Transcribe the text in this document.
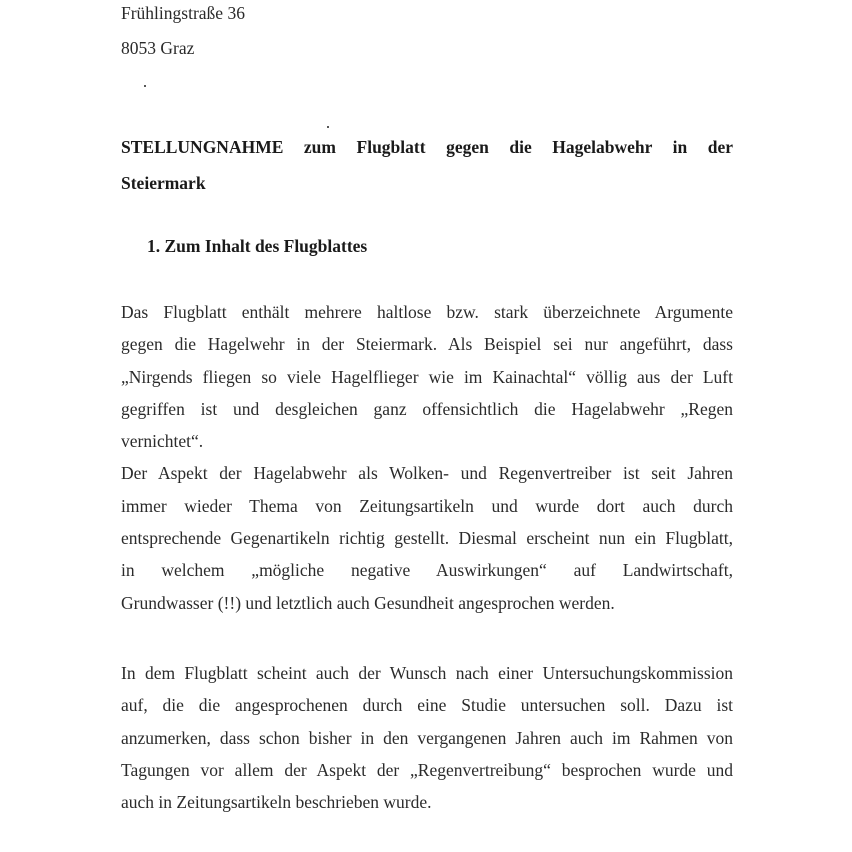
Frühlingstraße 36
8053 Graz
STELLUNGNAHME zum Flugblatt gegen die Hagelabwehr in der
Steiermark
1. Zum Inhalt des Flugblattes
Das Flugblatt enthält mehrere haltlose bzw. stark überzeichnete Argumente
gegen die Hagelwehr in der Steiermark. Als Beispiel sei nur angeführt, dass
„Nirgends fliegen so viele Hagelflieger wie im Kainachtal“ völlig aus der Luft
gegriffen ist und desgleichen ganz offensichtlich die Hagelabwehr „Regen
vernichtet“.
Der Aspekt der Hagelabwehr als Wolken- und Regenvertreiber ist seit Jahren
immer wieder Thema von Zeitungsartikeln und wurde dort auch durch
entsprechende Gegenartikeln richtig gestellt. Diesmal erscheint nun ein Flugblatt,
in welchem „mögliche negative Auswirkungen“ auf Landwirtschaft,
Grundwasser (!!) und letztlich auch Gesundheit angesprochen werden.
In dem Flugblatt scheint auch der Wunsch nach einer Untersuchungskommission
auf, die die angesprochenen durch eine Studie untersuchen soll. Dazu ist
anzumerken, dass schon bisher in den vergangenen Jahren auch im Rahmen von
Tagungen vor allem der Aspekt der „Regenvertreibung“ besprochen wurde und
auch in Zeitungsartikeln beschrieben wurde.
